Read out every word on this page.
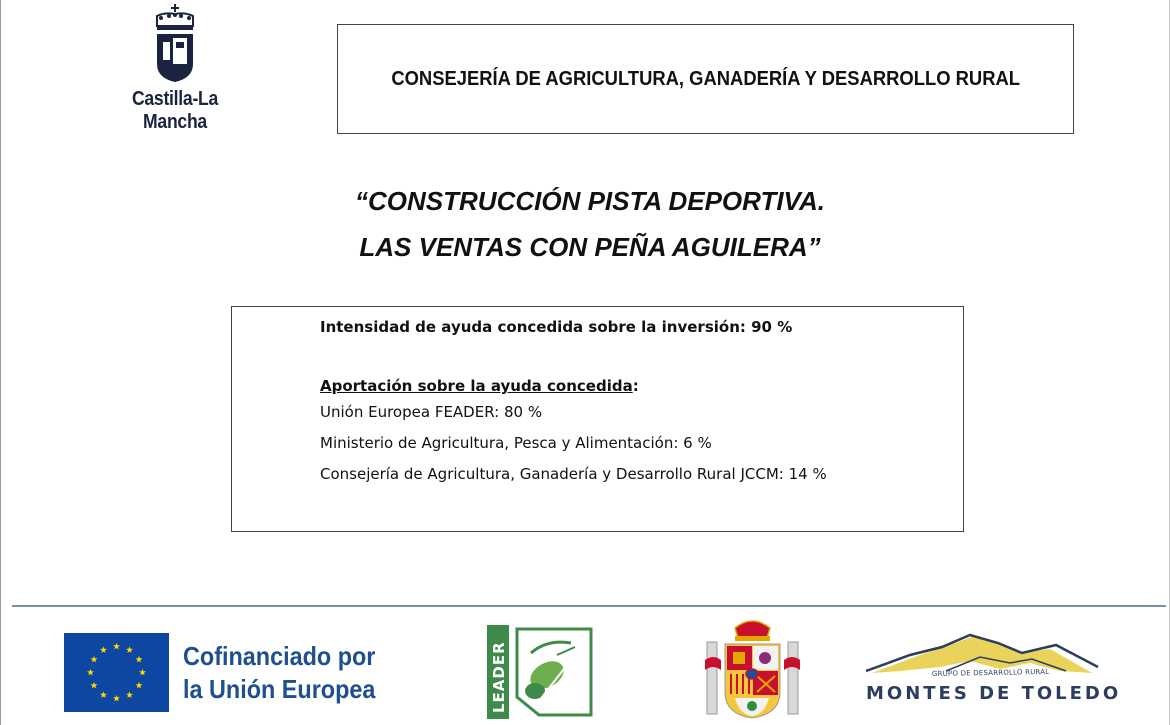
Castilla-La Mancha
CONSEJERÍA DE AGRICULTURA, GANADERÍA Y DESARROLLO RURAL
“CONSTRUCCIÓN PISTA DEPORTIVA.
LAS VENTAS CON PEÑA AGUILERA”
Intensidad de ayuda concedida sobre la inversión: 90 %
Aportación sobre la ayuda concedida:
Unión Europea FEADER: 80 %
Ministerio de Agricultura, Pesca y Alimentación: 6 %
Consejería de Agricultura, Ganadería y Desarrollo Rural JCCM: 14 %
Cofinanciado por
la Unión Europea	LEADER	GRUPO DE DESARROLLO RURAL
MONTES DE TOLEDO
